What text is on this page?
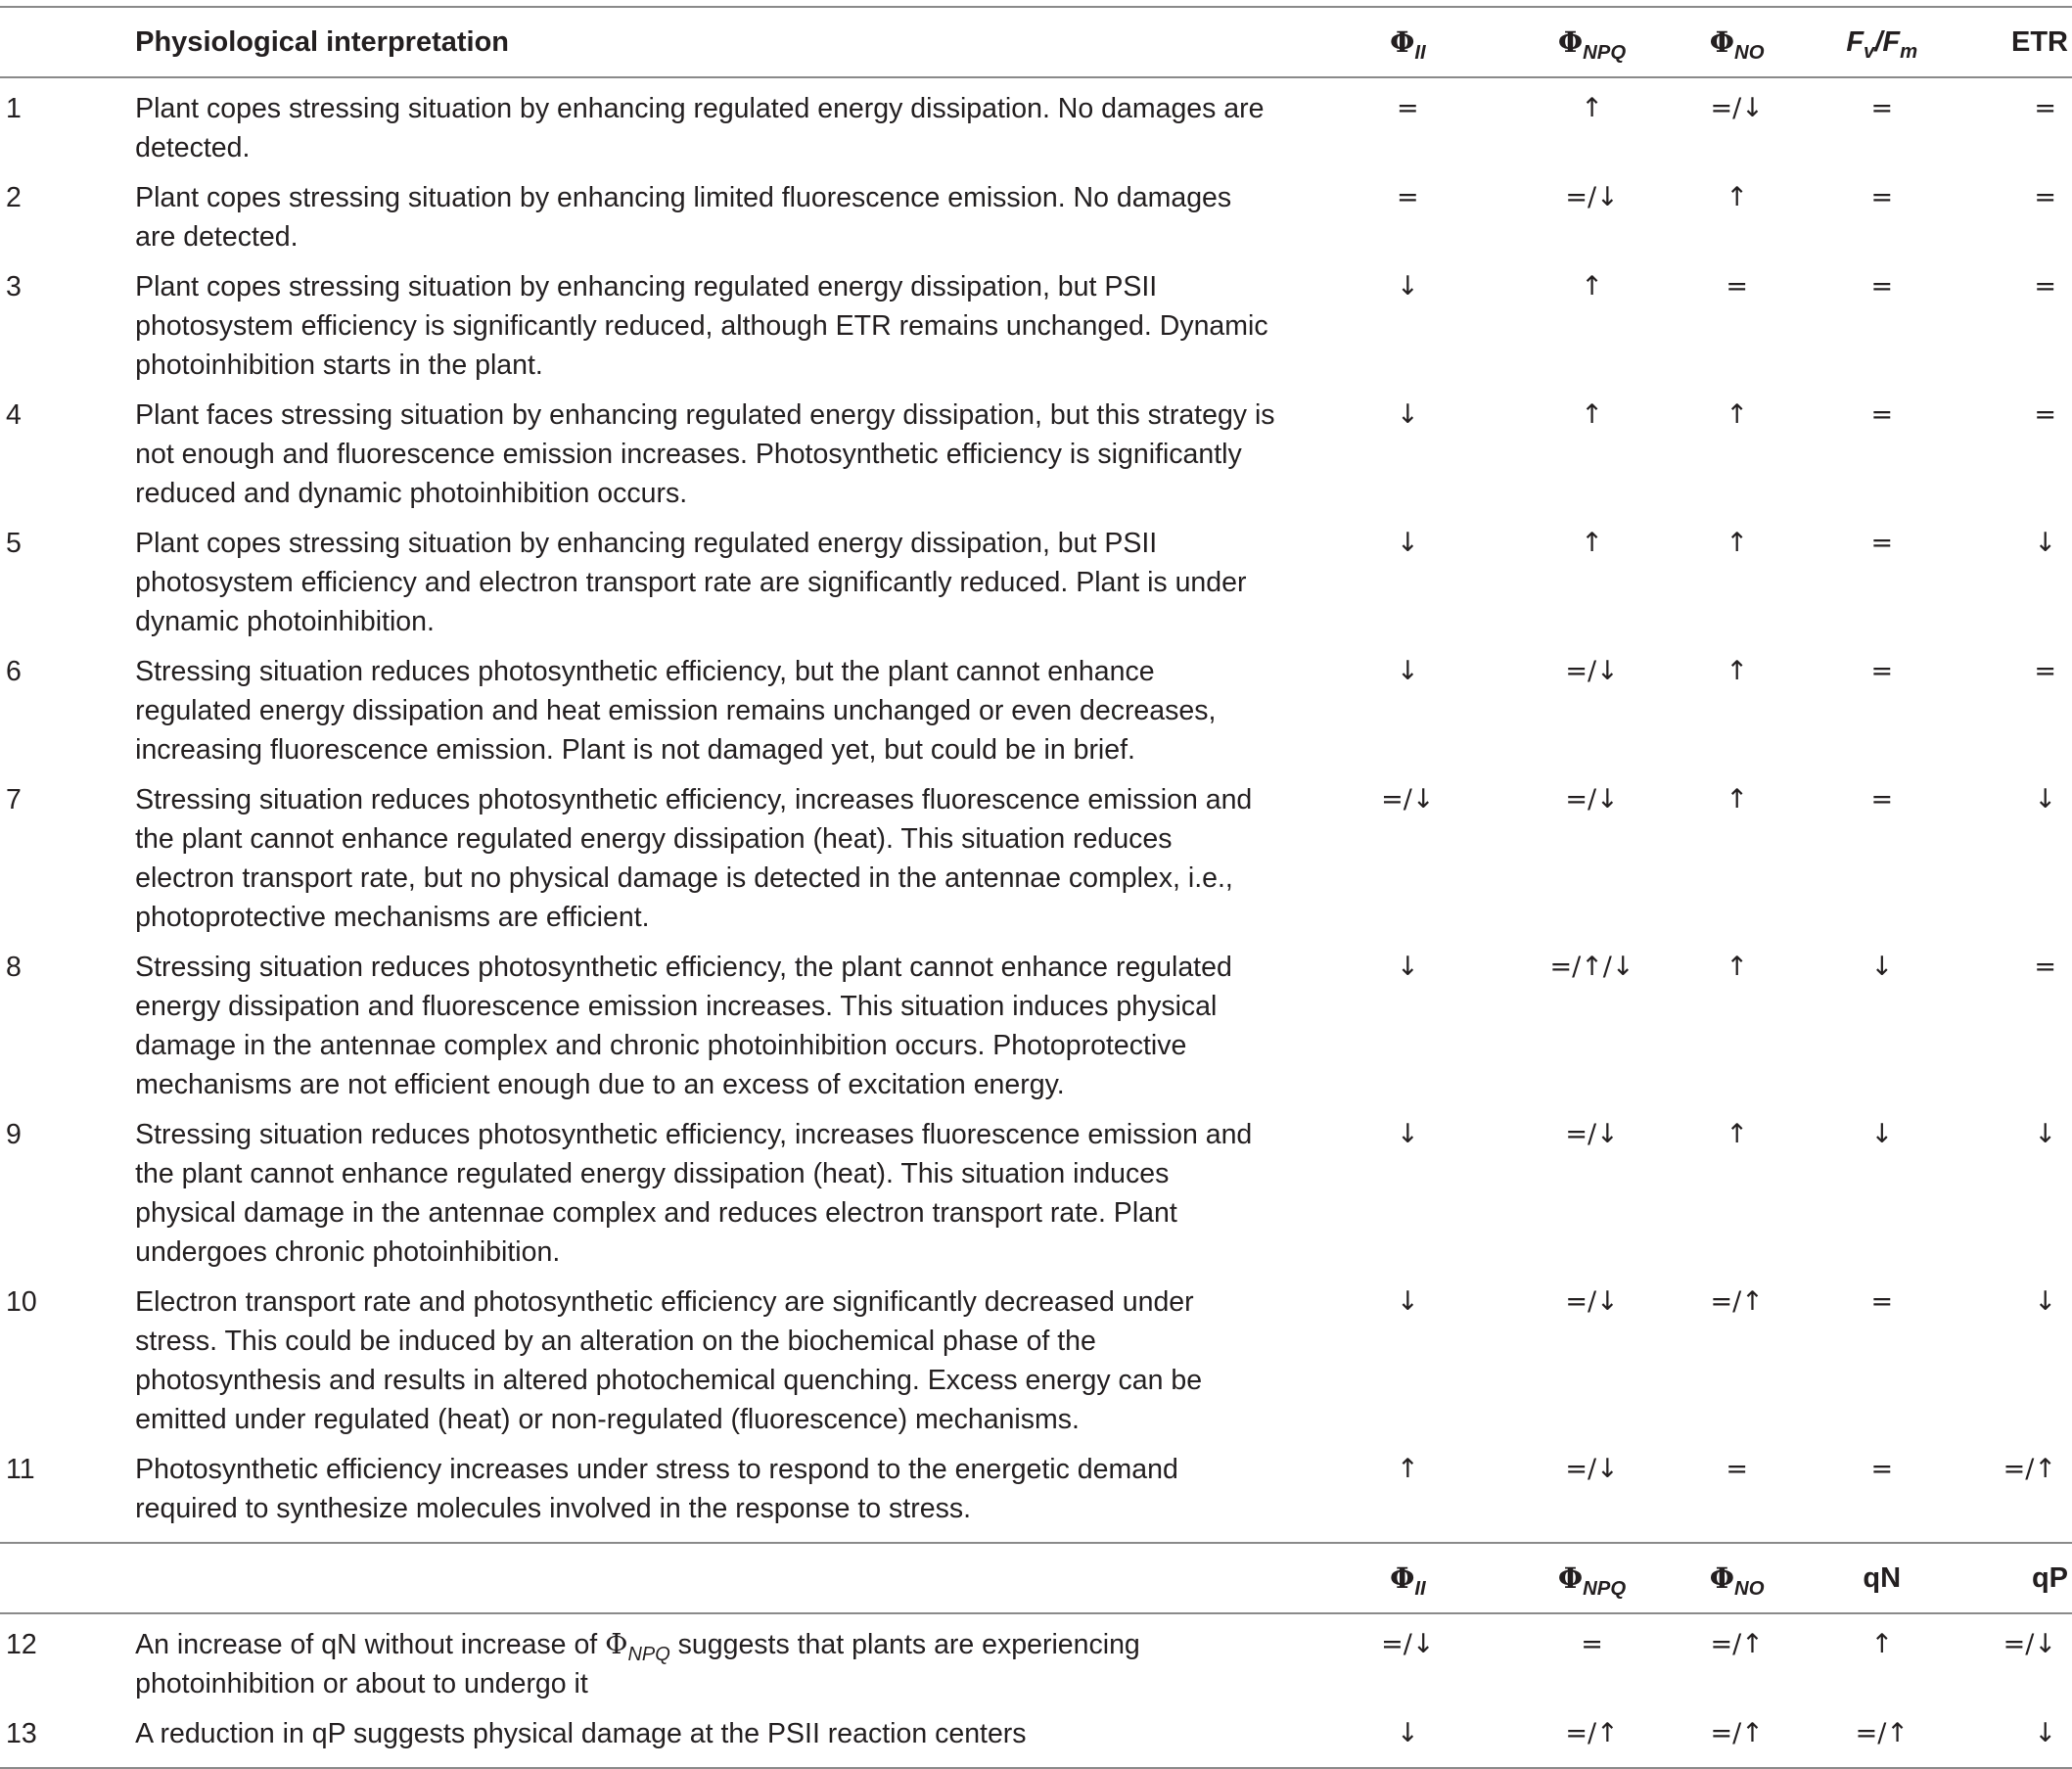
	Physiological interpretation	$\Phi_{II}$	$\Phi_{NPQ}$	$\Phi_{NO}$	$F_v/F_m$	ETR
1	Plant copes stressing situation by enhancing regulated energy dissipation. No damages are detected.	=	↑	=/↓	=	=
2	Plant copes stressing situation by enhancing limited fluorescence emission. No damages are detected.	=	=/↓	↑	=	=
3	Plant copes stressing situation by enhancing regulated energy dissipation, but PSII photosystem efficiency is significantly reduced, although ETR remains unchanged. Dynamic photoinhibition starts in the plant.	↓	↑	=	=	=
4	Plant faces stressing situation by enhancing regulated energy dissipation, but this strategy is not enough and fluorescence emission increases. Photosynthetic efficiency is significantly reduced and dynamic photoinhibition occurs.	↓	↑	↑	=	=
5	Plant copes stressing situation by enhancing regulated energy dissipation, but PSII photosystem efficiency and electron transport rate are significantly reduced. Plant is under dynamic photoinhibition.	↓	↑	↑	=	↓
6	Stressing situation reduces photosynthetic efficiency, but the plant cannot enhance regulated energy dissipation and heat emission remains unchanged or even decreases, increasing fluorescence emission. Plant is not damaged yet, but could be in brief.	↓	=/↓	↑	=	=
7	Stressing situation reduces photosynthetic efficiency, increases fluorescence emission and the plant cannot enhance regulated energy dissipation (heat). This situation reduces electron transport rate, but no physical damage is detected in the antennae complex, i.e., photoprotective mechanisms are efficient.	=/↓	=/↓	↑	=	↓
8	Stressing situation reduces photosynthetic efficiency, the plant cannot enhance regulated energy dissipation and fluorescence emission increases. This situation induces physical damage in the antennae complex and chronic photoinhibition occurs. Photoprotective mechanisms are not efficient enough due to an excess of excitation energy.	↓	=/↑/↓	↑	↓	=
9	Stressing situation reduces photosynthetic efficiency, increases fluorescence emission and the plant cannot enhance regulated energy dissipation (heat). This situation induces physical damage in the antennae complex and reduces electron transport rate. Plant undergoes chronic photoinhibition.	↓	=/↓	↑	↓	↓
10	Electron transport rate and photosynthetic efficiency are significantly decreased under stress. This could be induced by an alteration on the biochemical phase of the photosynthesis and results in altered photochemical quenching. Excess energy can be emitted under regulated (heat) or non-regulated (fluorescence) mechanisms.	↓	=/↓	=/↑	=	↓
11	Photosynthetic efficiency increases under stress to respond to the energetic demand required to synthesize molecules involved in the response to stress.	↑	=/↓	=	=	=/↑
		$\Phi_{II}$	$\Phi_{NPQ}$	$\Phi_{NO}$	qN	qP
12	An increase of qN without increase of $\Phi_{NPQ}$ suggests that plants are experiencing photoinhibition or about to undergo it	=/↓	=	=/↑	↑	=/↓
13	A reduction in qP suggests physical damage at the PSII reaction centers	↓	=/↑	=/↑	=/↑	↓
